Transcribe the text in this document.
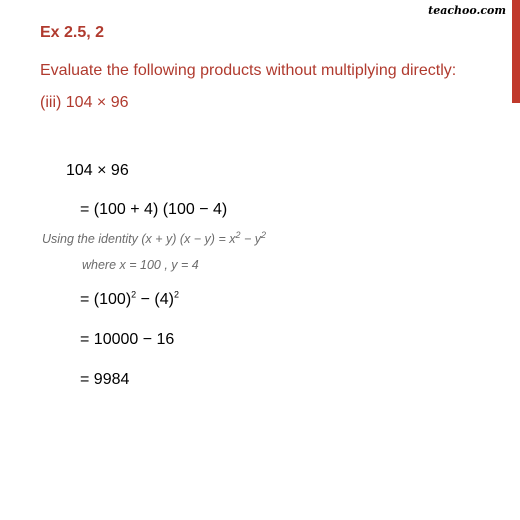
teachoo.com
Ex 2.5, 2
Evaluate the following products without multiplying directly:
(iii) 104 × 96
104 × 96
= (100 + 4) (100 − 4)
Using the identity (x + y) $(x - y) = x^2 - y^2$
where x = 100 , y = 4
= $(100)^2 - (4)^2$
= 10000 − 16
= 9984
